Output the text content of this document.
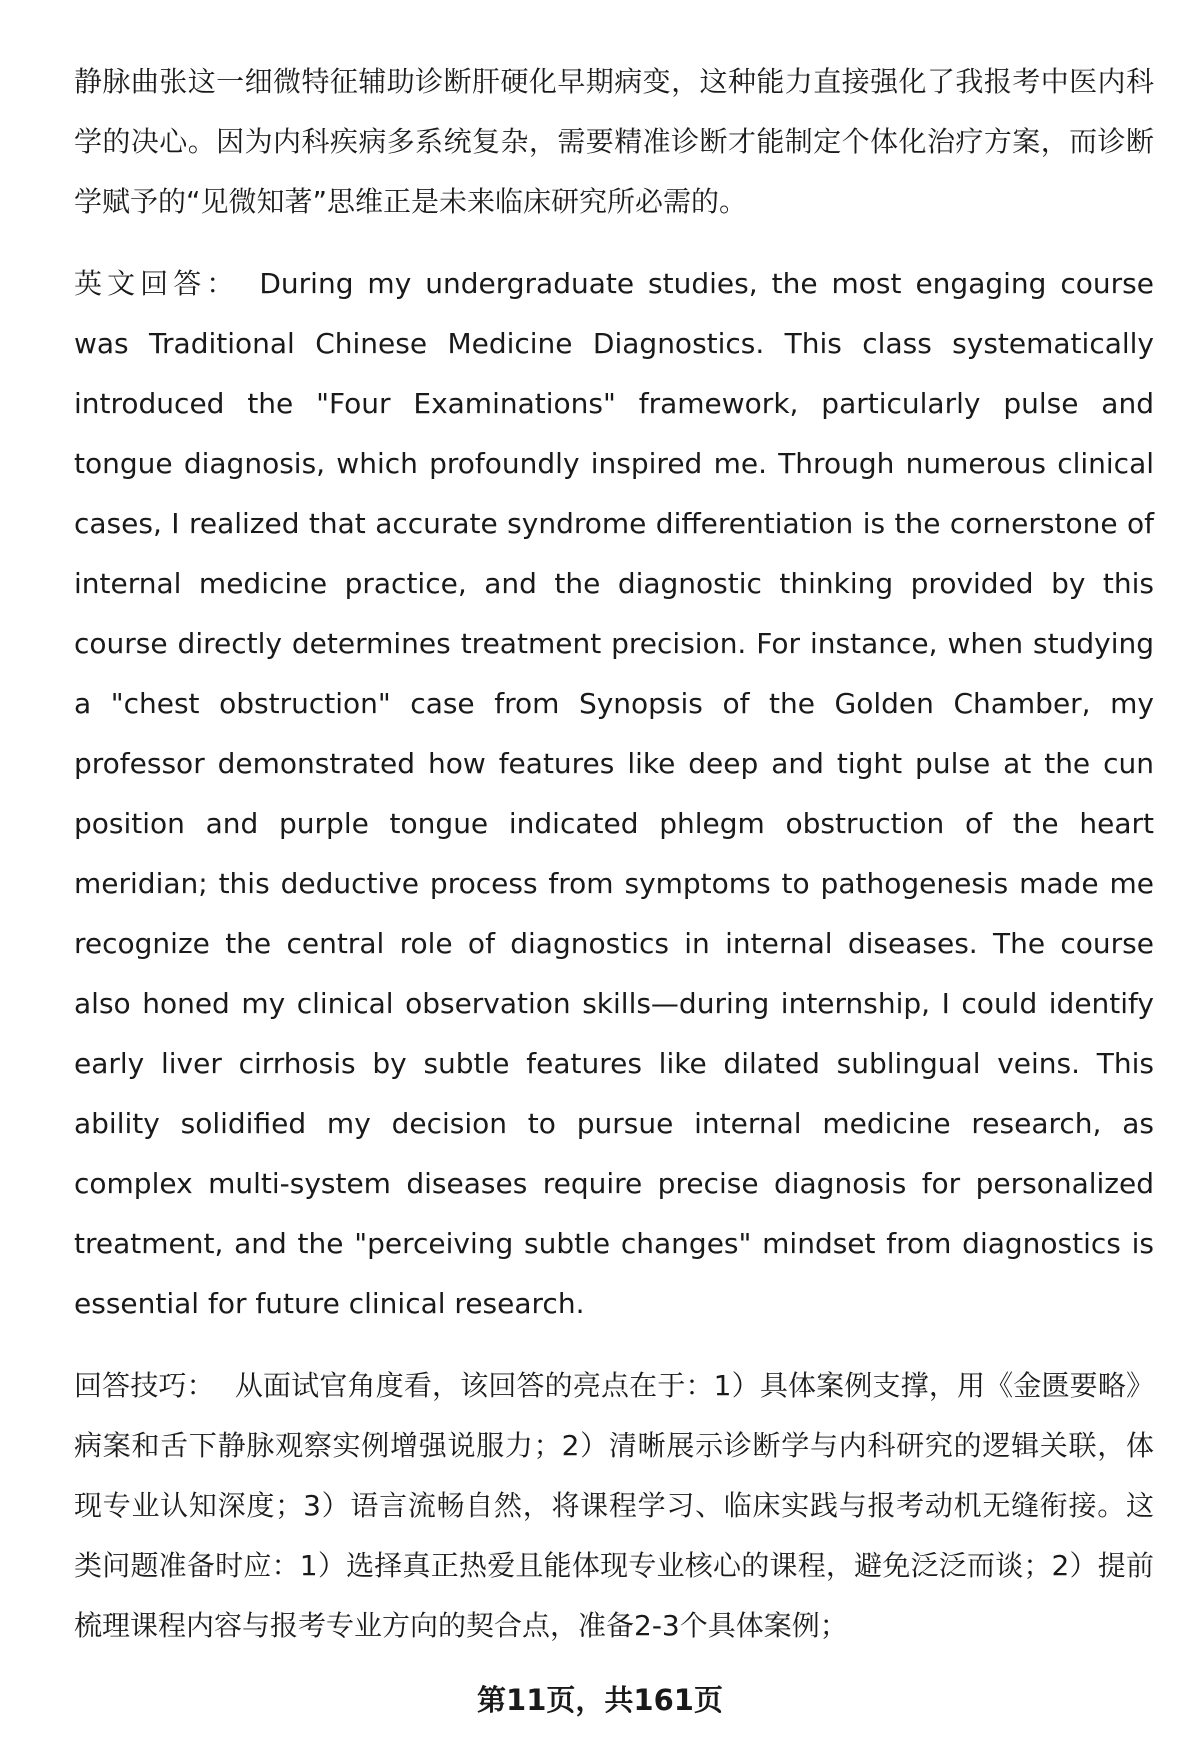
静脉曲张这一细微特征辅助诊断肝硬化早期病变，这种能力直接强化了我报考中医内科学的决心。因为内科疾病多系统复杂，需要精准诊断才能制定个体化治疗方案，而诊断学赋予的“见微知著”思维正是未来临床研究所必需的。

英文回答： During my undergraduate studies, the most engaging course was Traditional Chinese Medicine Diagnostics. This class systematically introduced the "Four Examinations" framework, particularly pulse and tongue diagnosis, which profoundly inspired me. Through numerous clinical cases, I realized that accurate syndrome differentiation is the cornerstone of internal medicine practice, and the diagnostic thinking provided by this course directly determines treatment precision. For instance, when studying a "chest obstruction" case from Synopsis of the Golden Chamber, my professor demonstrated how features like deep and tight pulse at the cun position and purple tongue indicated phlegm obstruction of the heart meridian; this deductive process from symptoms to pathogenesis made me recognize the central role of diagnostics in internal diseases. The course also honed my clinical observation skills—during internship, I could identify early liver cirrhosis by subtle features like dilated sublingual veins. This ability solidified my decision to pursue internal medicine research, as complex multi-system diseases require precise diagnosis for personalized treatment, and the "perceiving subtle changes" mindset from diagnostics is essential for future clinical research.

回答技巧： 从面试官角度看，该回答的亮点在于：1）具体案例支撑，用《金匮要略》病案和舌下静脉观察实例增强说服力；2）清晰展示诊断学与内科研究的逻辑关联，体现专业认知深度；3）语言流畅自然，将课程学习、临床实践与报考动机无缝衔接。这类问题准备时应：1）选择真正热爱且能体现专业核心的课程，避免泛泛而谈；2）提前梳理课程内容与报考专业方向的契合点，准备2-3个具体案例；

第11页，共161页
